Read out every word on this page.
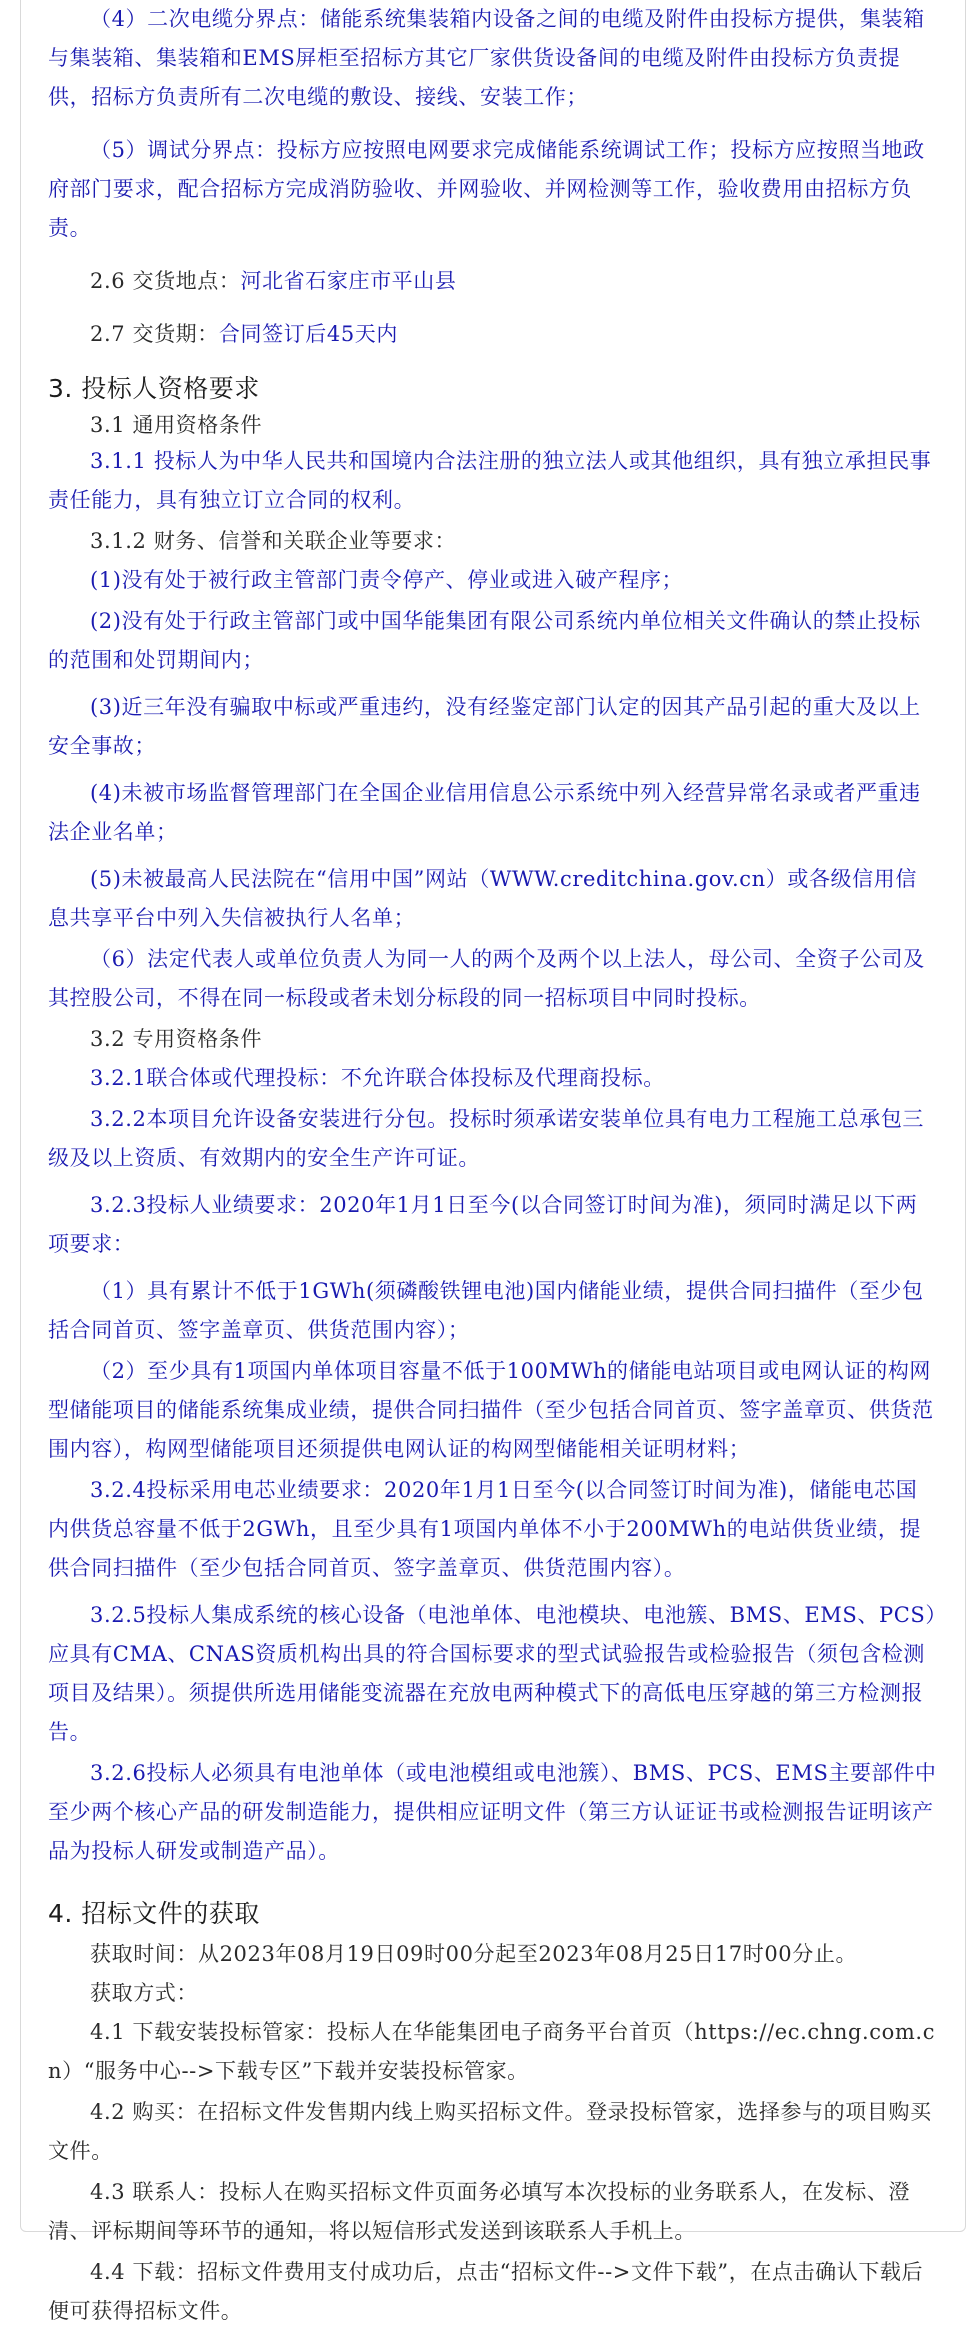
（4）二次电缆分界点：储能系统集装箱内设备之间的电缆及附件由投标方提供，集装箱与集装箱、集装箱和EMS屏柜至招标方其它厂家供货设备间的电缆及附件由投标方负责提供，招标方负责所有二次电缆的敷设、接线、安装工作；

（5）调试分界点：投标方应按照电网要求完成储能系统调试工作；投标方应按照当地政府部门要求，配合招标方完成消防验收、并网验收、并网检测等工作，验收费用由招标方负责。

2.6 交货地点：河北省石家庄市平山县

2.7 交货期：合同签订后45天内

3. 投标人资格要求

3.1 通用资格条件

3.1.1 投标人为中华人民共和国境内合法注册的独立法人或其他组织，具有独立承担民事责任能力，具有独立订立合同的权利。

3.1.2 财务、信誉和关联企业等要求：

(1)没有处于被行政主管部门责令停产、停业或进入破产程序；

(2)没有处于行政主管部门或中国华能集团有限公司系统内单位相关文件确认的禁止投标的范围和处罚期间内；

(3)近三年没有骗取中标或严重违约，没有经鉴定部门认定的因其产品引起的重大及以上安全事故；

(4)未被市场监督管理部门在全国企业信用信息公示系统中列入经营异常名录或者严重违法企业名单；

(5)未被最高人民法院在“信用中国”网站（WWW.creditchina.gov.cn）或各级信用信息共享平台中列入失信被执行人名单；

（6）法定代表人或单位负责人为同一人的两个及两个以上法人，母公司、全资子公司及其控股公司，不得在同一标段或者未划分标段的同一招标项目中同时投标。

3.2 专用资格条件

3.2.1联合体或代理投标：不允许联合体投标及代理商投标。

3.2.2本项目允许设备安装进行分包。投标时须承诺安装单位具有电力工程施工总承包三级及以上资质、有效期内的安全生产许可证。

3.2.3投标人业绩要求：2020年1月1日至今(以合同签订时间为准)，须同时满足以下两项要求：

（1）具有累计不低于1GWh(须磷酸铁锂电池)国内储能业绩，提供合同扫描件（至少包括合同首页、签字盖章页、供货范围内容）；

（2）至少具有1项国内单体项目容量不低于100MWh的储能电站项目或电网认证的构网型储能项目的储能系统集成业绩，提供合同扫描件（至少包括合同首页、签字盖章页、供货范围内容），构网型储能项目还须提供电网认证的构网型储能相关证明材料；

3.2.4投标采用电芯业绩要求：2020年1月1日至今(以合同签订时间为准)，储能电芯国内供货总容量不低于2GWh，且至少具有1项国内单体不小于200MWh的电站供货业绩，提供合同扫描件（至少包括合同首页、签字盖章页、供货范围内容）。

3.2.5投标人集成系统的核心设备（电池单体、电池模块、电池簇、BMS、EMS、PCS）应具有CMA、CNAS资质机构出具的符合国标要求的型式试验报告或检验报告（须包含检测项目及结果）。须提供所选用储能变流器在充放电两种模式下的高低电压穿越的第三方检测报告。

3.2.6投标人必须具有电池单体（或电池模组或电池簇）、BMS、PCS、EMS主要部件中至少两个核心产品的研发制造能力，提供相应证明文件（第三方认证证书或检测报告证明该产品为投标人研发或制造产品）。

4. 招标文件的获取

获取时间：从2023年08月19日09时00分起至2023年08月25日17时00分止。

获取方式：

4.1 下载安装投标管家：投标人在华能集团电子商务平台首页（https://ec.chng.com.cn）“服务中心-->下载专区”下载并安装投标管家。

4.2 购买：在招标文件发售期内线上购买招标文件。登录投标管家，选择参与的项目购买文件。

4.3 联系人：投标人在购买招标文件页面务必填写本次投标的业务联系人，在发标、澄清、评标期间等环节的通知，将以短信形式发送到该联系人手机上。

4.4 下载：招标文件费用支付成功后，点击“招标文件-->文件下载”，在点击确认下载后便可获得招标文件。
